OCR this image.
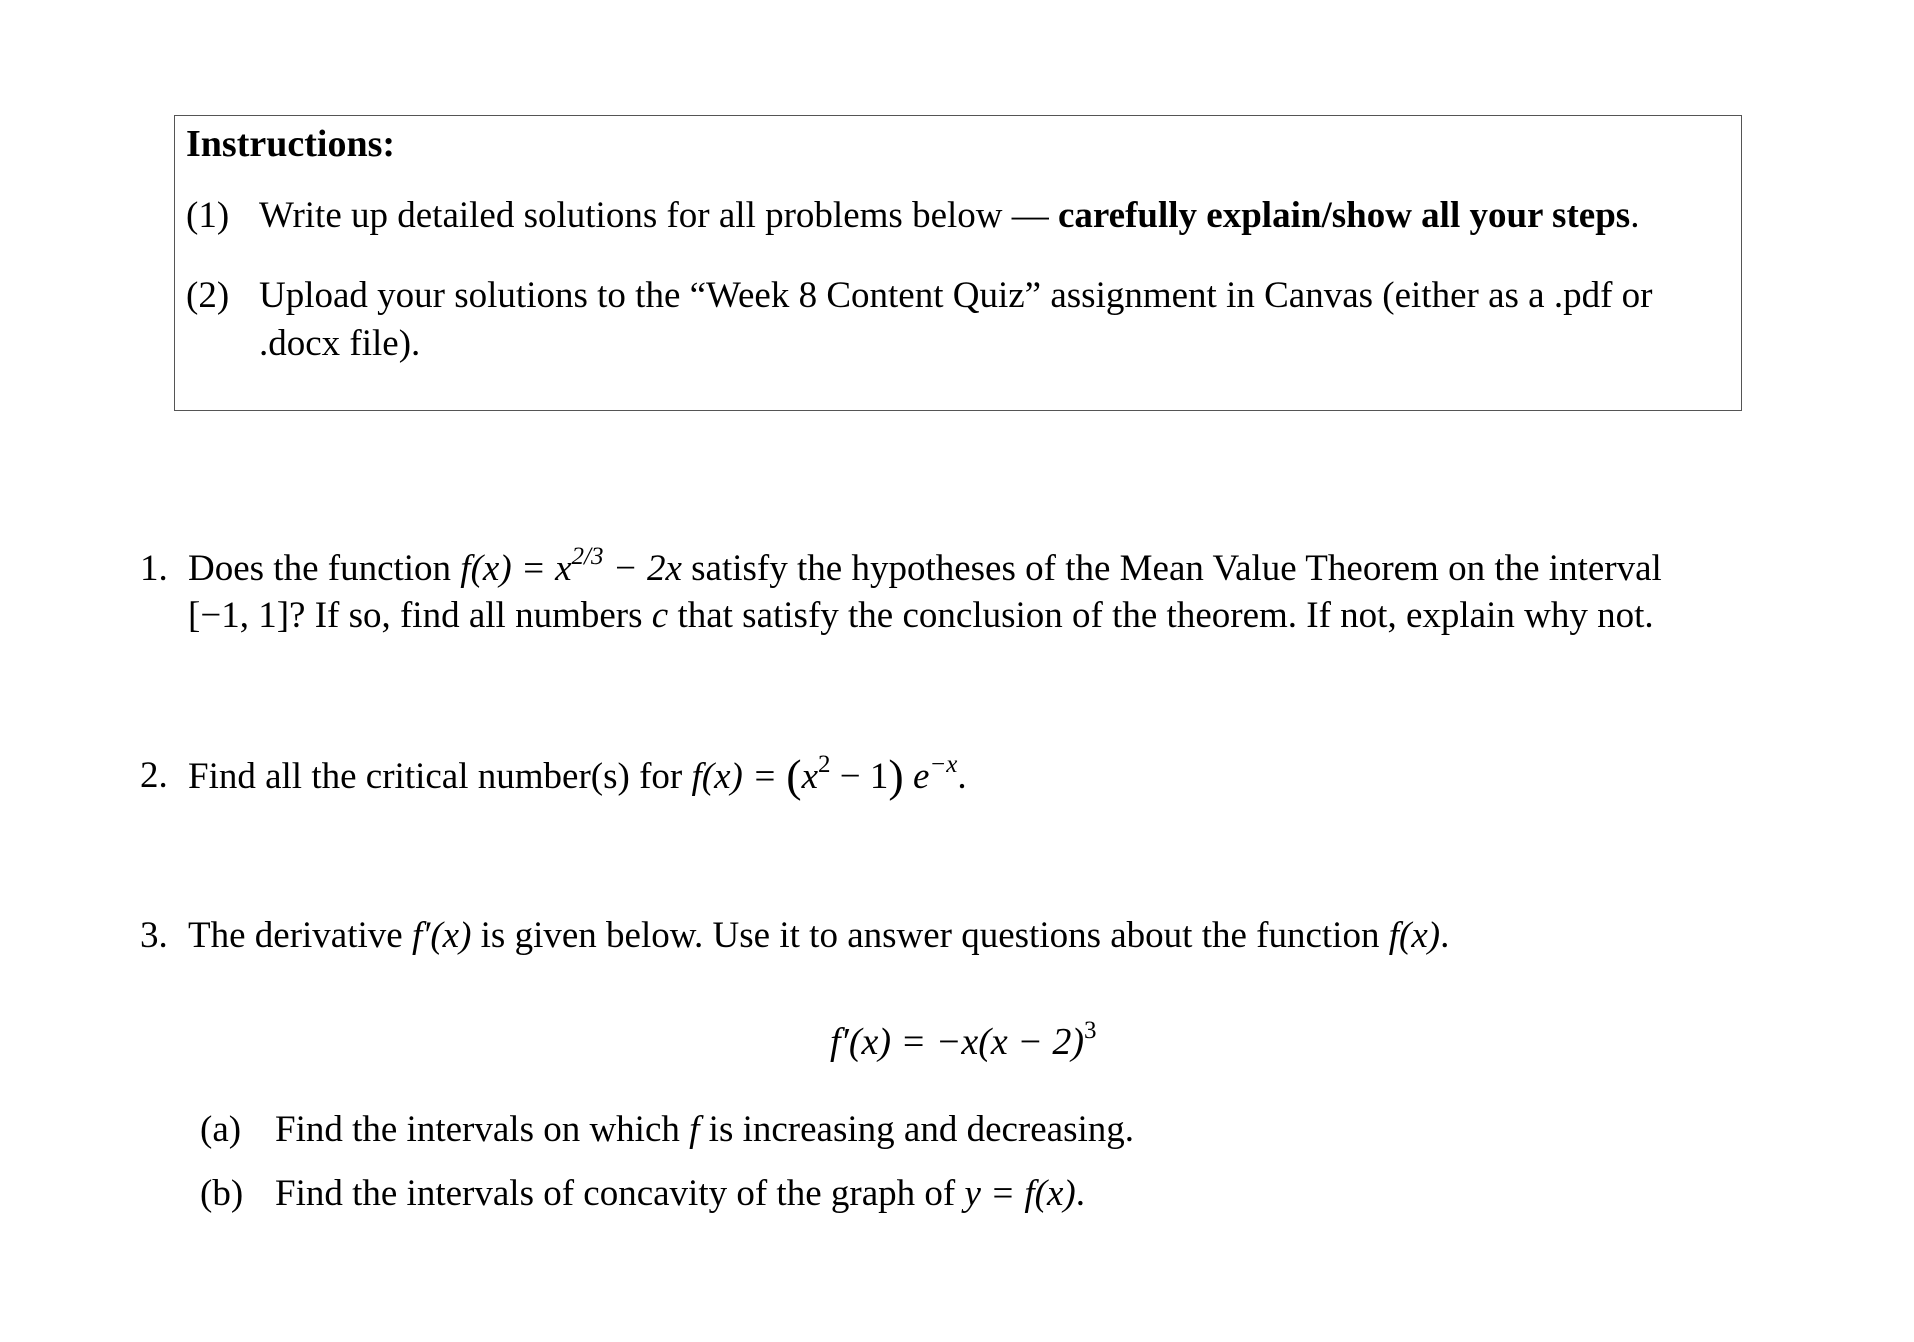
Instructions:
(1) Write up detailed solutions for all problems below — carefully explain/show all your steps.
(2) Upload your solutions to the “Week 8 Content Quiz” assignment in Canvas (either as a .pdf or .docx file).
1. Does the function $f(x) = x^{2/3} - 2x$ satisfy the hypotheses of the Mean Value Theorem on the interval
[−1, 1]? If so, find all numbers c that satisfy the conclusion of the theorem. If not, explain why not.
2. Find all the critical number(s) for $f(x) = (x^2 - 1)$ $e^{-x}$.
3. The derivative f′(x) is given below. Use it to answer questions about the function f(x).
$f'(x) = -x(x - 2)^3$
(a) Find the intervals on which f is increasing and decreasing.
(b) Find the intervals of concavity of the graph of y = f(x).
